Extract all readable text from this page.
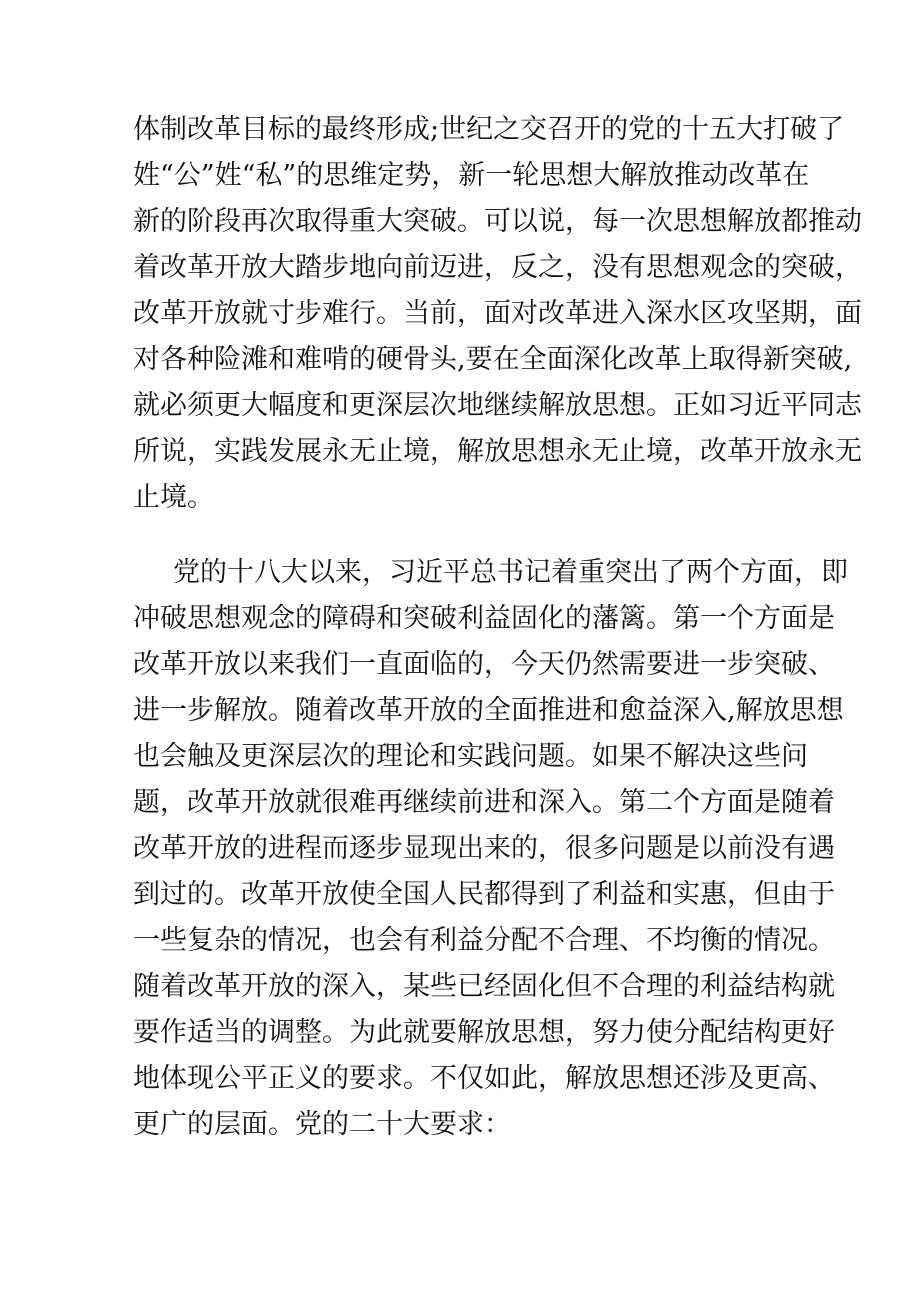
体制改革目标的最终形成;世纪之交召开的党的十五大打破了

姓“公”姓“私”的思维定势，新一轮思想大解放推动改革在

新的阶段再次取得重大突破。可以说，每一次思想解放都推动

着改革开放大踏步地向前迈进，反之，没有思想观念的突破，

改革开放就寸步难行。当前，面对改革进入深水区攻坚期，面

对各种险滩和难啃的硬骨头,要在全面深化改革上取得新突破,

就必须更大幅度和更深层次地继续解放思想。正如习近平同志

所说，实践发展永无止境，解放思想永无止境，改革开放永无

止境。

党的十八大以来，习近平总书记着重突出了两个方面，即

冲破思想观念的障碍和突破利益固化的藩篱。第一个方面是

改革开放以来我们一直面临的，今天仍然需要进一步突破、

进一步解放。随着改革开放的全面推进和愈益深入,解放思想

也会触及更深层次的理论和实践问题。如果不解决这些问

题，改革开放就很难再继续前进和深入。第二个方面是随着

改革开放的进程而逐步显现出来的，很多问题是以前没有遇

到过的。改革开放使全国人民都得到了利益和实惠，但由于

一些复杂的情况，也会有利益分配不合理、不均衡的情况。

随着改革开放的深入，某些已经固化但不合理的利益结构就

要作适当的调整。为此就要解放思想，努力使分配结构更好

地体现公平正义的要求。不仅如此，解放思想还涉及更高、

更广的层面。党的二十大要求：
